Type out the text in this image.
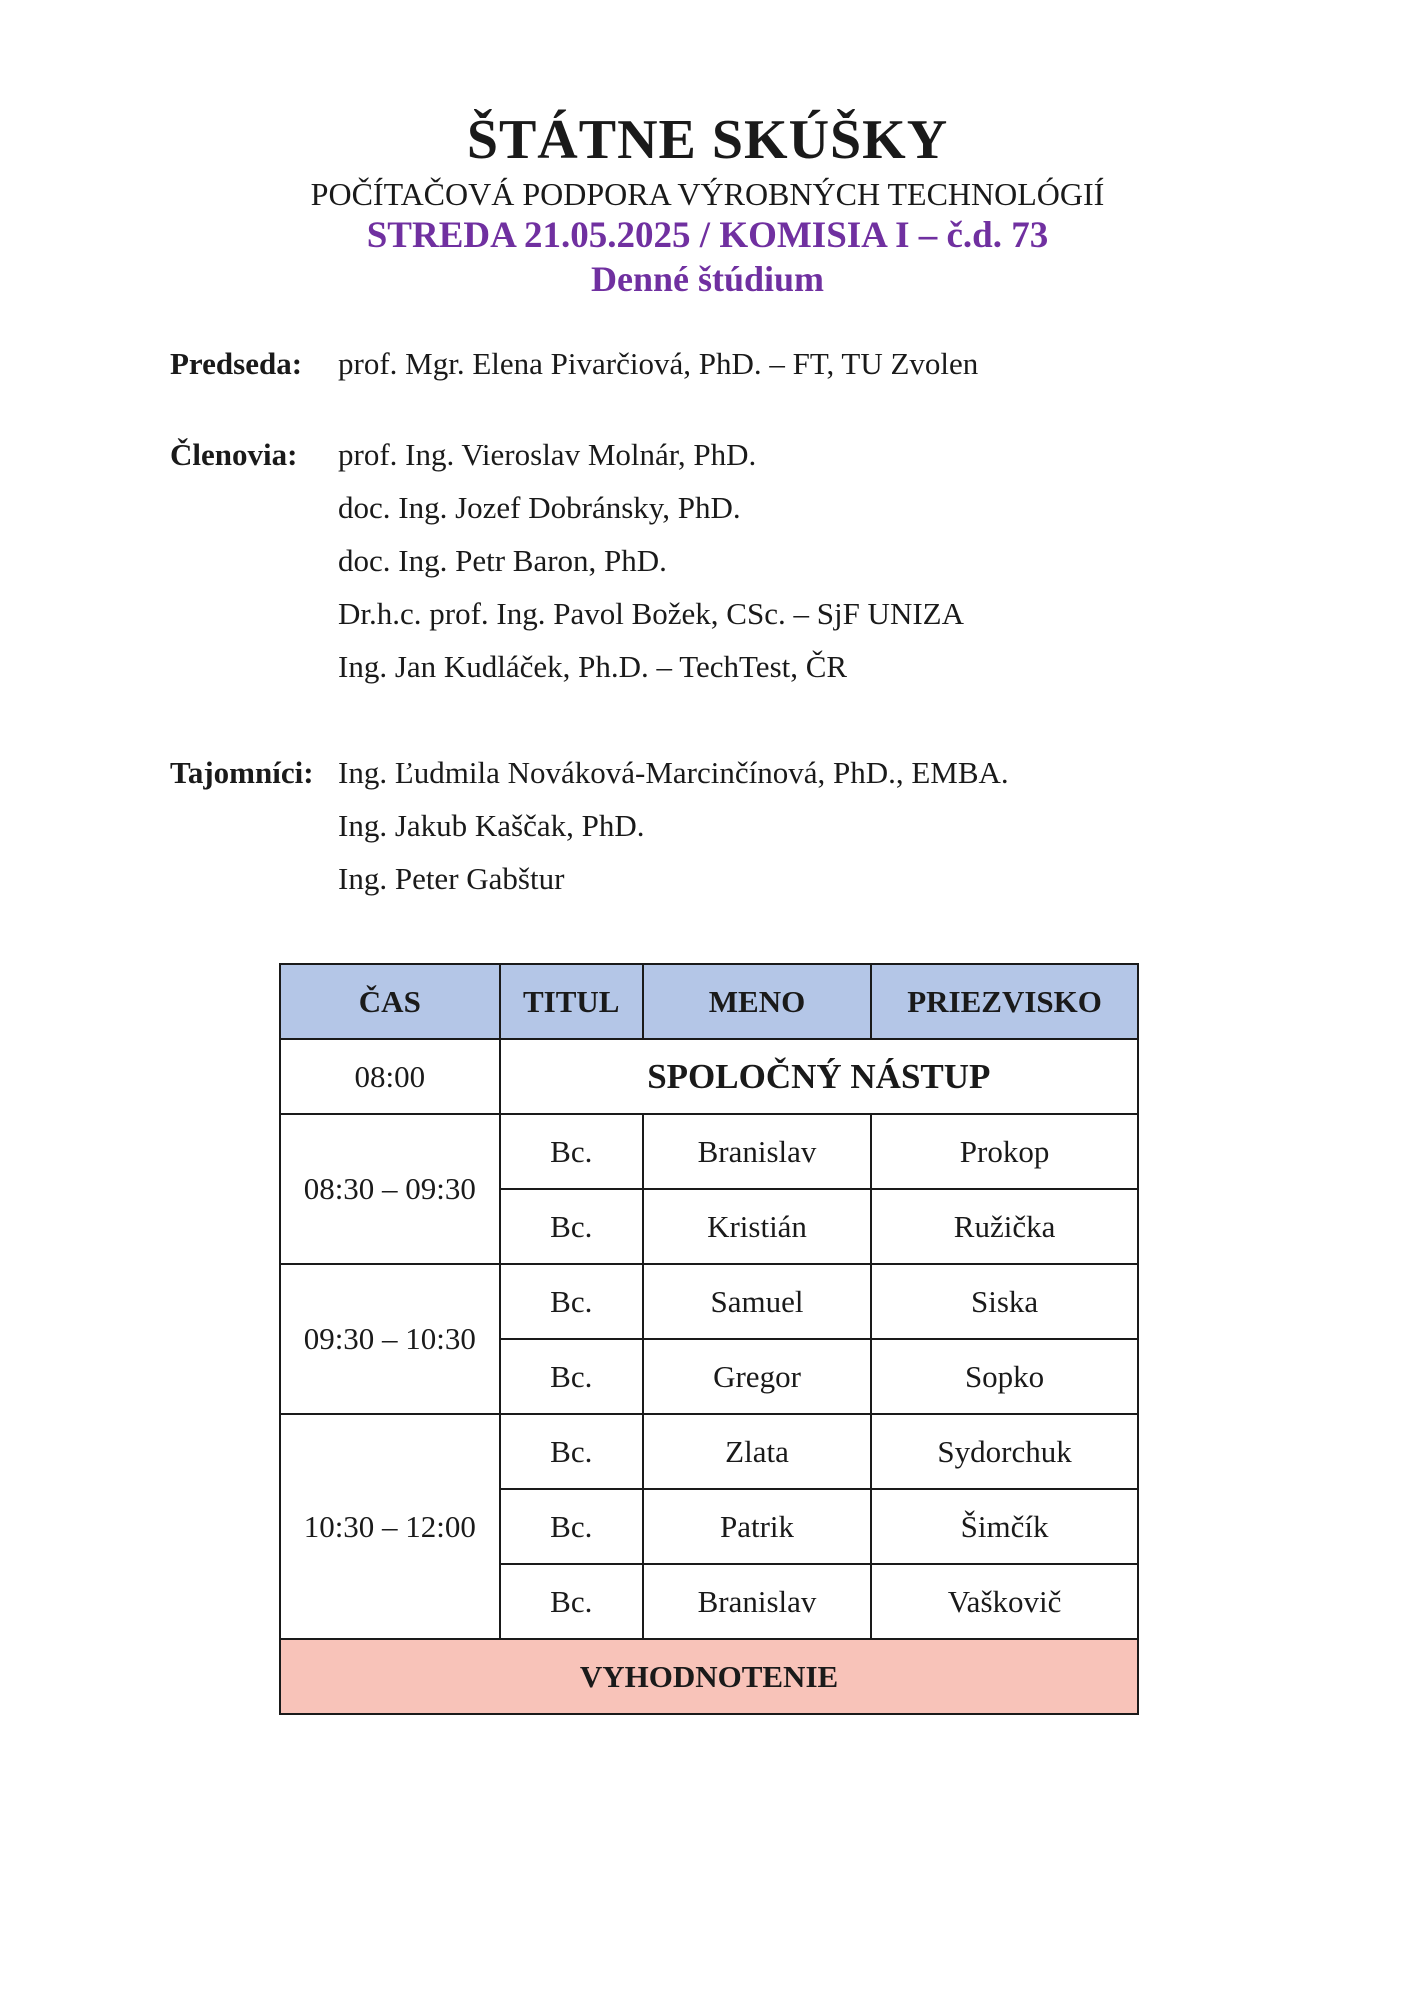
ŠTÁTNE SKÚŠKY
POČÍTAČOVÁ PODPORA VÝROBNÝCH TECHNOLÓGIÍ
STREDA 21.05.2025 / KOMISIA I – č.d. 73
Denné štúdium
Predseda: prof. Mgr. Elena Pivarčiová, PhD. – FT, TU Zvolen
Členovia: prof. Ing. Vieroslav Molnár, PhD.
doc. Ing. Jozef Dobránsky, PhD.
doc. Ing. Petr Baron, PhD.
Dr.h.c. prof. Ing. Pavol Božek, CSc. – SjF UNIZA
Ing. Jan Kudláček, Ph.D. – TechTest, ČR
Tajomníci: Ing. Ľudmila Nováková-Marcinčínová, PhD., EMBA.
Ing. Jakub Kaščak, PhD.
Ing. Peter Gabštur
ČAS	TITUL	MENO	PRIEZVISKO
08:00	SPOLOČNÝ NÁSTUP		
08:30 – 09:30	Bc.	Branislav	Prokop
	Bc.	Kristián	Ružička
09:30 – 10:30	Bc.	Samuel	Siska
	Bc.	Gregor	Sopko
10:30 – 12:00	Bc.	Zlata	Sydorchuk
	Bc.	Patrik	Šimčík
	Bc.	Branislav	Vaškovič
VYHODNOTENIE			
